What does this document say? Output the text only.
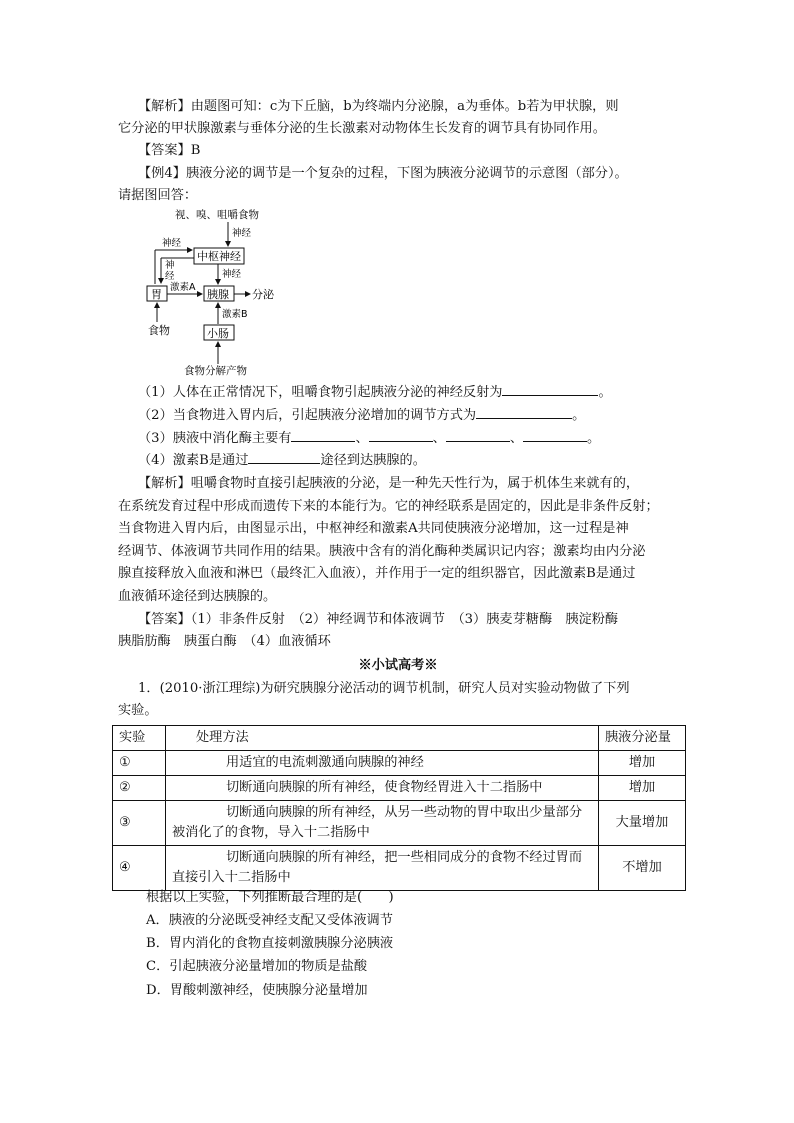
【解析】由题图可知：c为下丘脑，b为终端内分泌腺，a为垂体。b若为甲状腺，则
它分泌的甲状腺激素与垂体分泌的生长激素对动物体生长发育的调节具有协同作用。
【答案】B
【例4】胰液分泌的调节是一个复杂的过程，下图为胰液分泌调节的示意图（部分）。
请据图回答：
视、嗅、咀嚼食物
神经
中枢神经
神经
神
经	神经
胃
激素A
胰腺 分泌
食物
激素B
小肠
食物分解产物
（1）人体在正常情况下，咀嚼食物引起胰液分泌的神经反射为	。
（2）当食物进入胃内后，引起胰液分泌增加的调节方式为	。
（3）胰液中消化酶主要有	、	、	、	。
（4）激素B是通过	途径到达胰腺的。
【解析】咀嚼食物时直接引起胰液的分泌，是一种先天性行为，属于机体生来就有的，
在系统发育过程中形成而遗传下来的本能行为。它的神经联系是固定的，因此是非条件反射；
当食物进入胃内后，由图显示出，中枢神经和激素A共同使胰液分泌增加，这一过程是神
经调节、体液调节共同作用的结果。胰液中含有的消化酶种类属识记内容；激素均由内分泌
腺直接释放入血液和淋巴（最终汇入血液），并作用于一定的组织器官，因此激素B是通过
血液循环途径到达胰腺的。
【答案】（1）非条件反射　（2）神经调节和体液调节　（3）胰麦芽糖酶　胰淀粉酶
胰脂肪酶　胰蛋白酶　（4）血液循环
※小试高考※
1．(2010·浙江理综)为研究胰腺分泌活动的调节机制，研究人员对实验动物做了下列
实验。
实验	处理方法	胰液分泌量
①	用适宜的电流刺激通向胰腺的神经	增加
②	切断通向胰腺的所有神经，使食物经胃进入十二指肠中	增加
③	切断通向胰腺的所有神经，从另一些动物的胃中取出少量部分
被消化了的食物，导入十二指肠中	大量增加
④	切断通向胰腺的所有神经，把一些相同成分的食物不经过胃而
直接引入十二指肠中	不增加
根据以上实验，下列推断最合理的是(　　)
A．胰液的分泌既受神经支配又受体液调节
B．胃内消化的食物直接刺激胰腺分泌胰液
C．引起胰液分泌量增加的物质是盐酸
D．胃酸刺激神经，使胰腺分泌量增加
